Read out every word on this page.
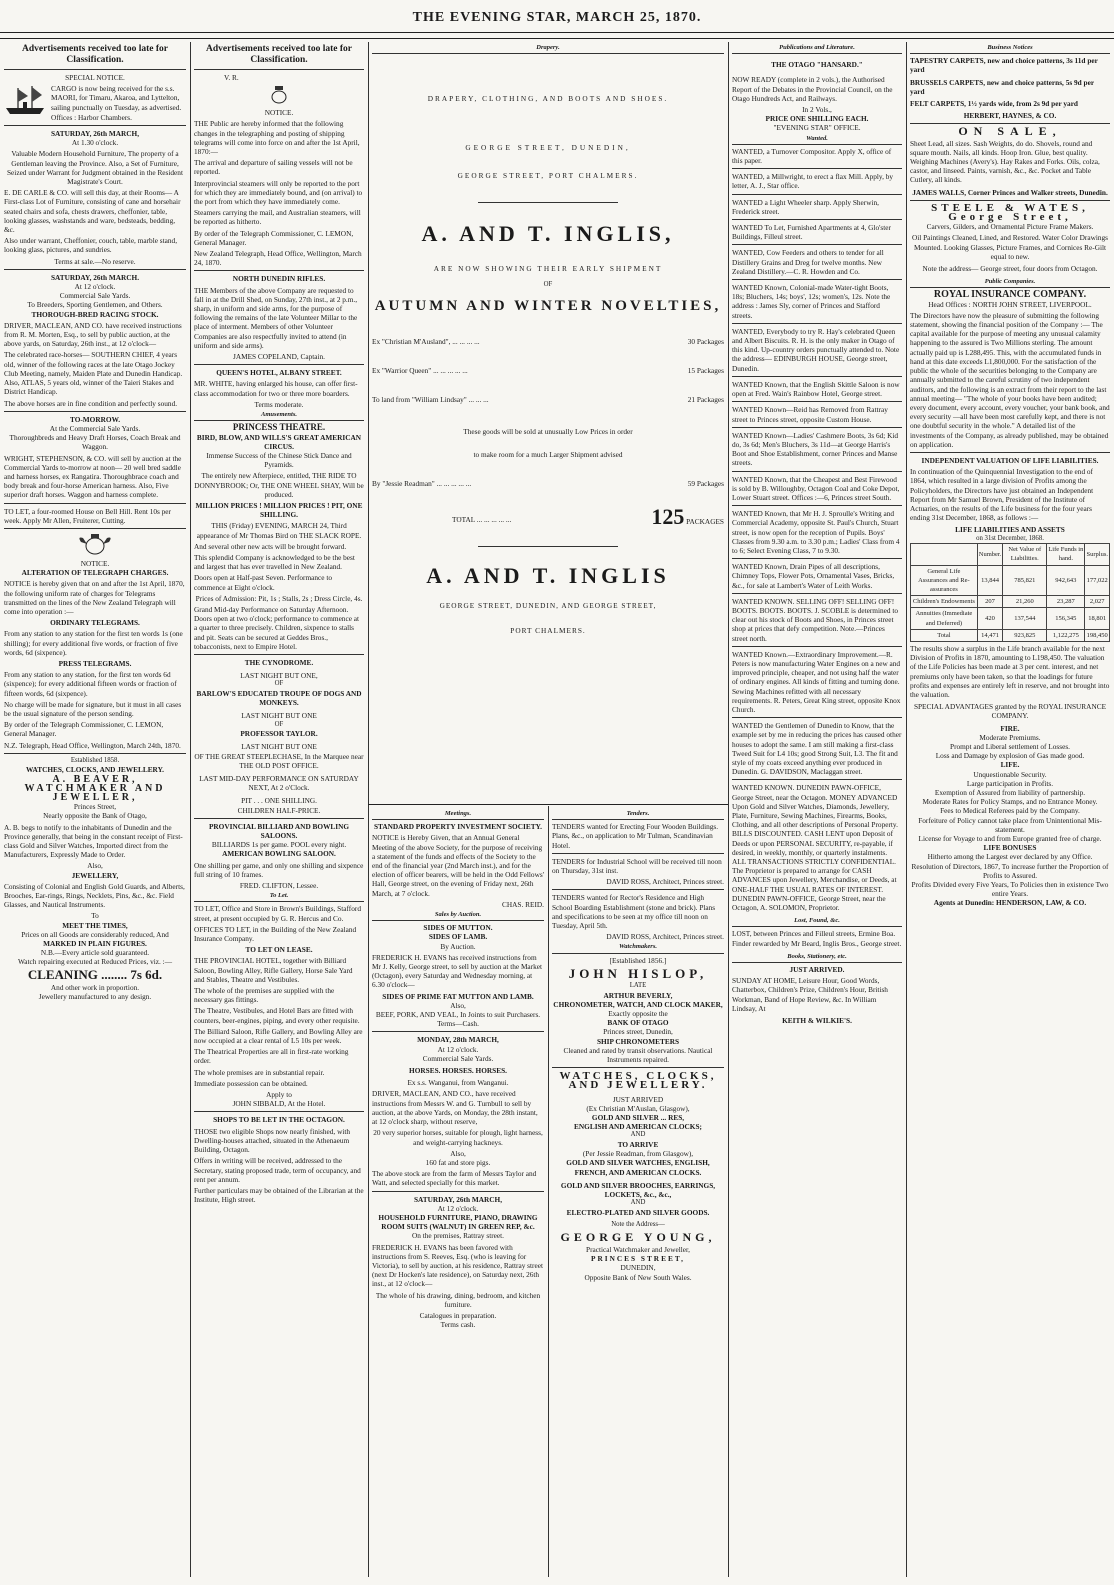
THE EVENING STAR, MARCH 25, 1870.
Advertisements received too late for Classification.
SPECIAL NOTICE.

CARGO is now being received for the s.s. MAORI, for Timaru, Akaroa, and Lyttelton, sailing punctually on Tuesday, as advertised.

Offices : Harbor Chambers.

SATURDAY, 26th MARCH,
At 1.30 o'clock.

Valuable Modern Household Furniture, The property of a Gentleman leaving the Province. Also, a Set of Furniture, Seized under Warrant for Judgment obtained in the Resident Magistrate's Court.

E. DE CARLE & CO. will sell this day, at their Rooms— A First-class Lot of Furniture, consisting of cane and horsehair seated chairs and sofa, chests drawers, cheffonier, table, looking glasses, washstands and ware, bedsteads, bedding, &c.

Also under warrant, Cheffonier, couch, table, marble stand, looking glass, pictures, and sundries.

Terms at sale.—No reserve.
SATURDAY, 26th MARCH.
At 12 o'clock.
Commercial Sale Yards.
To Breeders, Sporting Gentlemen, and Others.
THOROUGH-BRED RACING STOCK.

DRIVER, MACLEAN, AND CO. have received instructions from R. M. Morten, Esq., to sell by public auction, at the above yards, on Saturday, 26th inst., at 12 o'clock—

The celebrated race-horses— SOUTHERN CHIEF, 4 years old, winner of the following races at the late Otago Jockey Club Meeting, namely, Maiden Plate and Dunedin Handicap. Also, ATLAS, 5 years old, winner of the Taieri Stakes and District Handicap.

The above horses are in fine condition and perfectly sound.

TO-MORROW.
At the Commercial Sale Yards.
Thoroughbreds and Heavy Draft Horses, Coach Break and Waggon.

WRIGHT, STEPHENSON, & CO. will sell by auction at the Commercial Yards to-morrow at noon— 20 well bred saddle and harness horses, ex Rangatira. Thoroughbrace coach and body break and four-horse American harness. Also, Five superior draft horses. Waggon and harness complete.

TO LET, a four-roomed House on Bell Hill. Rent 10s per week. Apply Mr Allen, Fruiterer, Cutting.

NOTICE.
ALTERATION OF TELEGRAPH CHARGES.

NOTICE is hereby given that on and after the 1st April, 1870, the following uniform rate of charges for Telegrams transmitted on the lines of the New Zealand Telegraph will come into operation :—

ORDINARY TELEGRAMS.

From any station to any station for the first ten words 1s (one shilling); for every additional five words, or fraction of five words, 6d (sixpence).

PRESS TELEGRAMS.

From any station to any station, for the first ten words 6d (sixpence); for every additional fifteen words or fraction of fifteen words, 6d (sixpence).

No charge will be made for signature, but it must in all cases be the usual signature of the person sending.

By order of the Telegraph Commissioner, C. LEMON, General Manager.

N.Z. Telegraph, Head Office, Wellington, March 24th, 1870.

Established 1858.
WATCHES, CLOCKS, AND JEWELLERY.
A. BEAVER, WATCHMAKER AND JEWELLER,
Princes Street,
Nearly opposite the Bank of Otago,

A. B. begs to notify to the inhabitants of Dunedin and the Province generally, that being in the constant receipt of First-class Gold and Silver Watches, Imported direct from the Manufacturers, Expressly Made to Order.

Also,
JEWELLERY,

Consisting of Colonial and English Gold Guards, and Alberts, Brooches, Ear-rings, Rings, Necklets, Pins, &c., &c. Field Glasses, and Nautical Instruments.

To
MEET THE TIMES,
Prices on all Goods are considerably reduced, And
MARKED IN PLAIN FIGURES.
N.B.—Every article sold guaranteed.
Watch repairing executed at Reduced Prices, viz. :—
CLEANING ........ 7s 6d.
And other work in proportion.
Jewellery manufactured to any design.
Advertisements received too late for Classification.
V. R.
NOTICE.

THE Public are hereby informed that the following changes in the telegraphing and posting of shipping telegrams will come into force on and after the 1st April, 1870:—

The arrival and departure of sailing vessels will not be reported.

Interprovincial steamers will only be reported to the port for which they are immediately bound, and (on arrival) to the port from which they have immediately come.

Steamers carrying the mail, and Australian steamers, will be reported as hitherto.

By order of the Telegraph Commissioner, C. LEMON, General Manager.

New Zealand Telegraph, Head Office, Wellington, March 24, 1870.

NORTH DUNEDIN RIFLES.

THE Members of the above Company are requested to fall in at the Drill Shed, on Sunday, 27th inst., at 2 p.m., sharp, in uniform and side arms, for the purpose of following the remains of the late Volunteer Millar to the place of interment. Members of other Volunteer Companies are also respectfully invited to attend (in uniform and side arms).

JAMES COPELAND, Captain.
QUEEN'S HOTEL, ALBANY STREET.

MR. WHITE, having enlarged his house, can offer first-class accommodation for two or three more boarders.

Terms moderate.
Amusements.
PRINCESS THEATRE.
BIRD, BLOW, AND WILLS'S GREAT AMERICAN CIRCUS.
Immense Success of the Chinese Stick Dance and Pyramids.

The entirely new Afterpiece, entitled, THE RIDE TO DONNYBROOK; Or, THE ONE WHEEL SHAY, Will be produced.

MILLION PRICES ! MILLION PRICES ! PIT, ONE SHILLING.

THIS (Friday) EVENING, MARCH 24, Third appearance of Mr Thomas Bird on THE SLACK ROPE.

And several other new acts will be brought forward.

This splendid Company is acknowledged to be the best and largest that has ever travelled in New Zealand.

Doors open at Half-past Seven. Performance to commence at Eight o'clock.

Prices of Admission: Pit, 1s ; Stalls, 2s ; Dress Circle, 4s.

Grand Mid-day Performance on Saturday Afternoon. Doors open at two o'clock; performance to commence at a quarter to three precisely. Children, sixpence to stalls and pit. Seats can be secured at Geddes Bros., tobacconists, next to Empire Hotel.

THE CYNODROME.
LAST NIGHT BUT ONE,
OF
BARLOW'S EDUCATED TROUPE OF DOGS AND MONKEYS.
LAST NIGHT BUT ONE
OF
PROFESSOR TAYLOR.
LAST NIGHT BUT ONE
OF THE GREAT STEEPLECHASE, In the Marquee near THE OLD POST OFFICE.
LAST MID-DAY PERFORMANCE ON SATURDAY NEXT, At 2 o'Clock.
PIT . . . ONE SHILLING.
CHILDREN HALF-PRICE.
PROVINCIAL BILLIARD AND BOWLING SALOONS.
BILLIARDS 1s per game. POOL every night.
AMERICAN BOWLING SALOON.

One shilling per game, and only one shilling and sixpence full string of 10 frames.

FRED. CLIFTON, Lessee.
To Let.

TO LET, Office and Store in Brown's Buildings, Stafford street, at present occupied by G. R. Hercus and Co.

OFFICES TO LET, in the Building of the New Zealand Insurance Company.

TO LET ON LEASE.

THE PROVINCIAL HOTEL, together with Billiard Saloon, Bowling Alley, Rifle Gallery, Horse Sale Yard and Stables, Theatre and Vestibules.

The whole of the premises are supplied with the necessary gas fittings.

The Theatre, Vestibules, and Hotel Bars are fitted with counters, beer-engines, piping, and every other requisite.

The Billiard Saloon, Rifle Gallery, and Bowling Alley are now occupied at a clear rental of L5 10s per week.

The Theatrical Properties are all in first-rate working order.

The whole premises are in substantial repair.

Immediate possession can be obtained.

Apply to
JOHN SIBBALD, At the Hotel.
SHOPS TO BE LET IN THE OCTAGON.

THOSE two eligible Shops now nearly finished, with Dwelling-houses attached, situated in the Athenaeum Building, Octagon.

Offers in writing will be received, addressed to the Secretary, stating proposed trade, term of occupancy, and rent per annum.

Further particulars may be obtained of the Librarian at the Institute, High street.

Drapery.
DRAPERY, CLOTHING, AND BOOTS AND SHOES.
GEORGE STREET, DUNEDIN,
GEORGE STREET, PORT CHALMERS.
A. AND T. INGLIS,
ARE NOW SHOWING THEIR EARLY SHIPMENT
OF
AUTUMN AND WINTER NOVELTIES,
Ex "Christian M'Ausland", ... ... ... ...	30 Packages
Ex "Warrior Queen" ... ... ... ... ...	15 Packages
To land from "William Lindsay" ... ... ...	21 Packages
These goods will be sold at unusually Low Prices in order
to make room for a much Larger Shipment advised
By "Jessie Readman" ... ... ... ... ...	59 Packages
TOTAL ... ... ... ... ...	125 PACKAGES
A. AND T. INGLIS
GEORGE STREET, DUNEDIN, AND GEORGE STREET,
PORT CHALMERS.
Meetings.
STANDARD PROPERTY INVESTMENT SOCIETY.

NOTICE is Hereby Given, that an Annual General Meeting of the above Society, for the purpose of receiving a statement of the funds and effects of the Society to the end of the financial year (2nd March inst.), and for the election of officer bearers, will be held in the Odd Fellows' Hall, George street, on the evening of Friday next, 26th March, at 7 o'clock.

CHAS. REID.
Sales by Auction.
SIDES OF MUTTON.
SIDES OF LAMB.
By Auction.

FREDERICK H. EVANS has received instructions from Mr J. Kelly, George street, to sell by auction at the Market (Octagon), every Saturday and Wednesday morning, at 6.30 o'clock—

SIDES OF PRIME FAT MUTTON AND LAMB.
Also,
BEEF, PORK, AND VEAL, In Joints to suit Purchasers.
Terms—Cash.
MONDAY, 28th MARCH,
At 12 o'clock.
Commercial Sale Yards.
HORSES. HORSES. HORSES.
Ex s.s. Wanganui, from Wanganui.

DRIVER, MACLEAN, AND CO., have received instructions from Messrs W. and G. Turnbull to sell by auction, at the above Yards, on Monday, the 28th instant, at 12 o'clock sharp, without reserve,

20 very superior horses, suitable for plough, light harness, and weight-carrying hackneys.

Also,
160 fat and store pigs.

The above stock are from the farm of Messrs Taylor and Watt, and selected specially for this market.

SATURDAY, 26th MARCH,
At 12 o'clock.
HOUSEHOLD FURNITURE, PIANO, DRAWING ROOM SUITS (WALNUT) IN GREEN REP, &c.
On the premises, Rattray street.

FREDERICK H. EVANS has been favored with instructions from S. Reeves, Esq. (who is leaving for Victoria), to sell by auction, at his residence, Rattray street (next Dr Hocken's late residence), on Saturday next, 26th inst., at 12 o'clock—

The whole of his drawing, dining, bedroom, and kitchen furniture.

Catalogues in preparation.
Terms cash.
Tenders.

TENDERS wanted for Erecting Four Wooden Buildings. Plans, &c., on application to Mr Tulman, Scandinavian Hotel.

TENDERS for Industrial School will be received till noon on Thursday, 31st inst.

DAVID ROSS, Architect, Princes street.

TENDERS wanted for Rector's Residence and High School Boarding Establishment (stone and brick). Plans and specifications to be seen at my office till noon on Tuesday, April 5th.

DAVID ROSS, Architect, Princes street.
Watchmakers.
[Established 1856.]
JOHN HISLOP,
LATE
ARTHUR BEVERLY,
CHRONOMETER, WATCH, AND CLOCK MAKER,
Exactly opposite the
BANK OF OTAGO
Princes street, Dunedin,
SHIP CHRONOMETERS
Cleaned and rated by transit observations. Nautical Instruments repaired.
WATCHES, CLOCKS, AND JEWELLERY.
JUST ARRIVED
(Ex Christian M'Auslan, Glasgow),
GOLD AND SILVER ... RES,
ENGLISH AND AMERICAN CLOCKS;
AND
TO ARRIVE
(Per Jessie Readman, from Glasgow),
GOLD AND SILVER WATCHES, ENGLISH, FRENCH, AND AMERICAN CLOCKS.
GOLD AND SILVER BROOCHES, EARRINGS, LOCKETS, &c., &c.,
AND
ELECTRO-PLATED AND SILVER GOODS.
Note the Address—
GEORGE YOUNG,
Practical Watchmaker and Jeweller,
PRINCES STREET,
DUNEDIN,
Opposite Bank of New South Wales.
Publications and Literature.
THE OTAGO "HANSARD."

NOW READY (complete in 2 vols.), the Authorised Report of the Debates in the Provincial Council, on the Otago Hundreds Act, and Railways.

In 2 Vols.,
PRICE ONE SHILLING EACH.
"EVENING STAR" OFFICE.
Wanted.

WANTED, a Turnover Compositor. Apply X, office of this paper.

WANTED, a Millwright, to erect a flax Mill. Apply, by letter, A. J., Star office.

WANTED a Light Wheeler sharp. Apply Sherwin, Frederick street.

WANTED To Let, Furnished Apartments at 4, Glo'ster Buildings, Filleul street.

WANTED, Cow Feeders and others to tender for all Distillery Grains and Dreg for twelve months. New Zealand Distillery.—C. R. Howden and Co.

WANTED Known, Colonial-made Water-tight Boots, 18s; Bluchers, 14s; boys', 12s; women's, 12s. Note the address : James Sly, corner of Princes and Stafford streets.

WANTED, Everybody to try R. Hay's celebrated Queen and Albert Biscuits. R. H. is the only maker in Otago of this kind. Up-country orders punctually attended to. Note the address— EDINBURGH HOUSE, George street, Dunedin.

WANTED Known, that the English Skittle Saloon is now open at Fred. Wain's Rainbow Hotel, George street.

WANTED Known—Reid has Removed from Rattray street to Princes street, opposite Custom House.

WANTED Known—Ladies' Cashmere Boots, 3s 6d; Kid do, 3s 6d; Men's Bluchers, 3s 11d—at George Harris's Boot and Shoe Establishment, corner Princes and Manse streets.

WANTED Known, that the Cheapest and Best Firewood is sold by B. Willoughby, Octagon Coal and Coke Depot, Lower Stuart street. Offices :—6, Princes street South.

WANTED Known, that Mr H. J. Sproulle's Writing and Commercial Academy, opposite St. Paul's Church, Stuart street, is now open for the reception of Pupils. Boys' Classes from 9.30 a.m. to 3.30 p.m.; Ladies' Class from 4 to 6; Select Evening Class, 7 to 9.30.

WANTED Known, Drain Pipes of all descriptions, Chimney Tops, Flower Pots, Ornamental Vases, Bricks, &c., for sale at Lambert's Water of Leith Works.

WANTED KNOWN. SELLING OFF! SELLING OFF! BOOTS. BOOTS. BOOTS. J. SCOBLE is determined to clear out his stock of Boots and Shoes, in Princes street shop at prices that defy competition. Note.—Princes street north.

WANTED Known.—Extraordinary Improvement.—R. Peters is now manufacturing Water Engines on a new and improved principle, cheaper, and not using half the water of ordinary engines. All kinds of fitting and turning done. Sewing Machines refitted with all necessary requirements. R. Peters, Great King street, opposite Knox Church.

WANTED the Gentlemen of Dunedin to Know, that the example set by me in reducing the prices has caused other houses to adopt the same. I am still making a first-class Tweed Suit for L4 10s; good Strong Suit, L3. The fit and style of my coats exceed anything ever produced in Dunedin. G. DAVIDSON, Maclaggan street.

WANTED KNOWN. DUNEDIN PAWN-OFFICE, George Street, near the Octagon. MONEY ADVANCED Upon Gold and Silver Watches, Diamonds, Jewellery, Plate, Furniture, Sewing Machines, Firearms, Books, Clothing, and all other descriptions of Personal Property. BILLS DISCOUNTED. CASH LENT upon Deposit of Deeds or upon PERSONAL SECURITY, re-payable, if desired, in weekly, monthly, or quarterly instalments. ALL TRANSACTIONS STRICTLY CONFIDENTIAL. The Proprietor is prepared to arrange for CASH ADVANCES upon Jewellery, Merchandise, or Deeds, at ONE-HALF THE USUAL RATES OF INTEREST. DUNEDIN PAWN-OFFICE, George Street, near the Octagon, A. SOLOMON, Proprietor.

Lost, Found, &c.

LOST, between Princes and Filleul streets, Ermine Boa. Finder rewarded by Mr Beard, Inglis Bros., George street.

Books, Stationery, etc.
JUST ARRIVED.

SUNDAY AT HOME, Leisure Hour, Good Words, Chatterbox, Children's Prize, Children's Hour, British Workman, Band of Hope Review, &c. In William Lindsay, At

KEITH & WILKIE'S.
Business Notices

TAPESTRY CARPETS, new and choice patterns, 3s 11d per yard

BRUSSELS CARPETS, new and choice patterns, 5s 9d per yard

FELT CARPETS, 1½ yards wide, from 2s 9d per yard

HERBERT, HAYNES, & CO.
ON SALE,

Sheet Lead, all sizes. Sash Weights, do do. Shovels, round and square mouth. Nails, all kinds. Hoop Iron. Glue, best quality. Weighing Machines (Avery's). Hay Rakes and Forks. Oils, colza, castor, and linseed. Paints, varnish, &c., &c. Pocket and Table Cutlery, all kinds.

JAMES WALLS, Corner Princes and Walker streets, Dunedin.
STEELE & WATES, George Street,
Carvers, Gilders, and Ornamental Picture Frame Makers.

Oil Paintings Cleaned, Lined, and Restored. Water Color Drawings Mounted. Looking Glasses, Picture Frames, and Cornices Re-Gilt equal to new.

Note the address— George street, four doors from Octagon.

Public Companies.
ROYAL INSURANCE COMPANY.
Head Offices : NORTH JOHN STREET, LIVERPOOL.

The Directors have now the pleasure of submitting the following statement, showing the financial position of the Company :— The capital available for the purpose of meeting any unusual calamity happening to the assured is Two Millions sterling. The amount actually paid up is L288,495. This, with the accumulated funds in hand at this date exceeds L1,800,000. For the satisfaction of the public the whole of the securities belonging to the Company are annually submitted to the careful scrutiny of two independent auditors, and the following is an extract from their report to the last annual meeting— "The whole of your books have been audited; every document, every account, every voucher, your bank book, and every security —all have been most carefully kept, and there is not one doubtful security in the whole." A detailed list of the investments of the Company, as already published, may be obtained on application.

INDEPENDENT VALUATION OF LIFE LIABILITIES.

In continuation of the Quinquennial Investigation to the end of 1864, which resulted in a large division of Profits among the Policyholders, the Directors have just obtained an Independent Report from Mr Samuel Brown, President of the Institute of Actuaries, on the results of the Life business for the four years ending 31st December, 1868, as follows :—

LIFE LIABILITIES AND ASSETS
on 31st December, 1868.
	Number.	Net Value of Liabilities.	Life Funds in hand.	Surplus.
General Life Assurances and Re-assurances	13,844	785,821	942,643	177,022
Children's Endowments	207	21,260	23,287	2,027
Annuities (Immediate and Deferred)	420	137,544	156,345	18,801
Total	14,471	923,825	1,122,275	198,450

The results show a surplus in the Life branch available for the next Division of Profits in 1870, amounting to L198,450. The valuation of the Life Policies has been made at 3 per cent. interest, and net premiums only have been taken, so that the loadings for future profits and expenses are entirely left in reserve, and not brought into the valuation.

SPECIAL ADVANTAGES granted by the ROYAL INSURANCE COMPANY.

FIRE.
Moderate Premiums.
Prompt and Liberal settlement of Losses.
Loss and Damage by explosion of Gas made good.
LIFE.
Unquestionable Security.
Large participation in Profits.
Exemption of Assured from liability of partnership.
Moderate Rates for Policy Stamps, and no Entrance Money.
Fees to Medical Referees paid by the Company.
Forfeiture of Policy cannot take place from Unintentional Mis-statement.
License for Voyage to and from Europe granted free of charge.
LIFE BONUSES
Hitherto among the Largest ever declared by any Office.
Resolution of Directors, 1867, To increase further the Proportion of Profits to Assured.
Profits Divided every Five Years, To Policies then in existence Two entire Years.
Agents at Dunedin: HENDERSON, LAW, & CO.
